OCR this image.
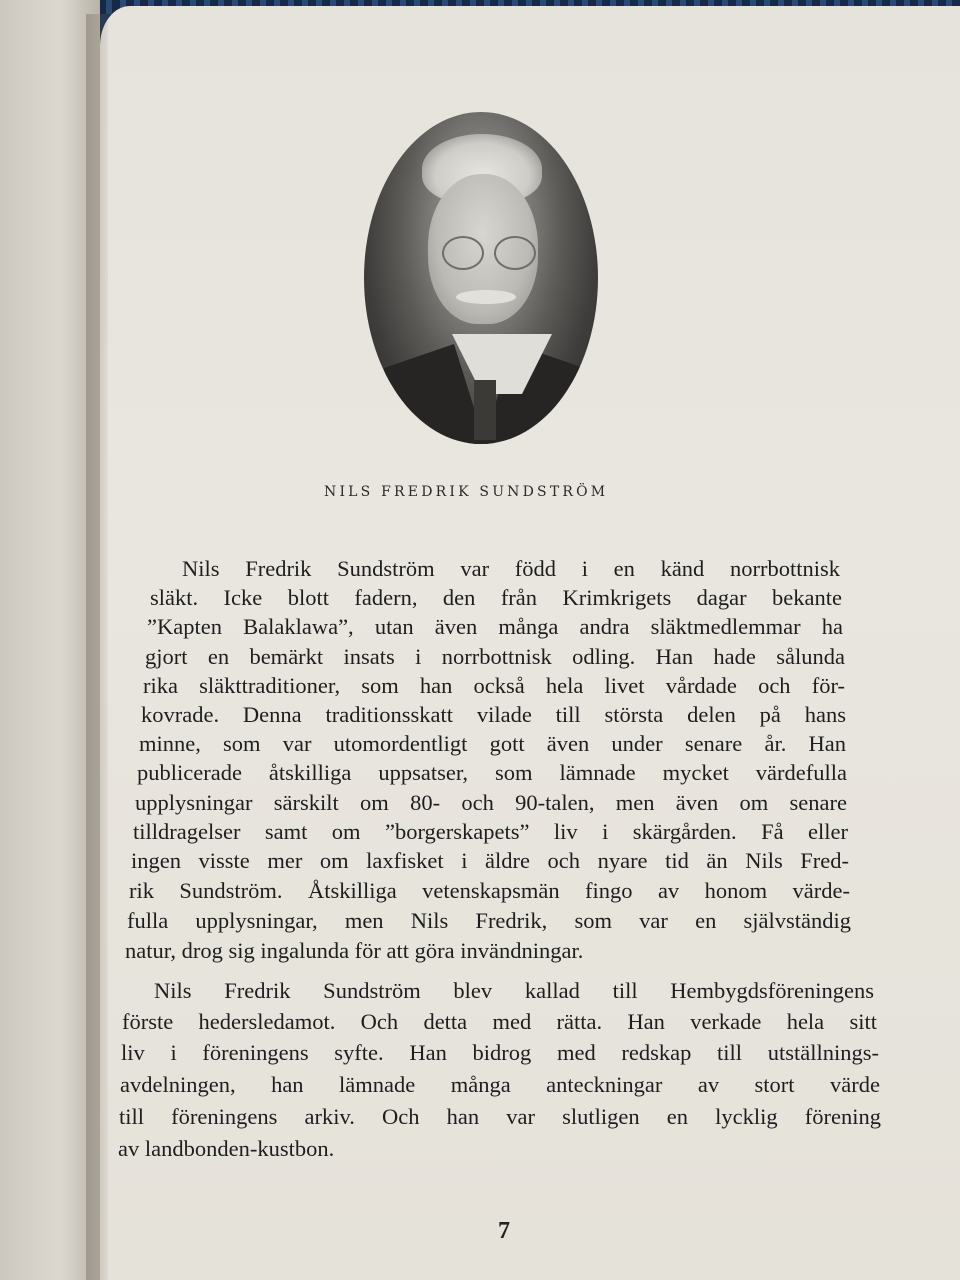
NILS FREDRIK SUNDSTRÖM
Nils Fredrik Sundström var född i en känd norrbottnisk
släkt. Icke blott fadern, den från Krimkrigets dagar bekante
”Kapten Balaklawa”, utan även många andra släktmedlemmar ha
gjort en bemärkt insats i norrbottnisk odling. Han hade sålunda
rika släkttraditioner, som han också hela livet vårdade och för-
kovrade. Denna traditionsskatt vilade till största delen på hans
minne, som var utomordentligt gott även under senare år. Han
publicerade åtskilliga uppsatser, som lämnade mycket värdefulla
upplysningar särskilt om 80- och 90-talen, men även om senare
tilldragelser samt om ”borgerskapets” liv i skärgården. Få eller
ingen visste mer om laxfisket i äldre och nyare tid än Nils Fred-
rik Sundström. Åtskilliga vetenskapsmän fingo av honom värde-
fulla upplysningar, men Nils Fredrik, som var en självständig
natur, drog sig ingalunda för att göra invändningar.
Nils Fredrik Sundström blev kallad till Hembygdsföreningens
förste hedersledamot. Och detta med rätta. Han verkade hela sitt
liv i föreningens syfte. Han bidrog med redskap till utställnings-
avdelningen, han lämnade många anteckningar av stort värde
till föreningens arkiv. Och han var slutligen en lycklig förening
av landbonden-kustbon.
7
